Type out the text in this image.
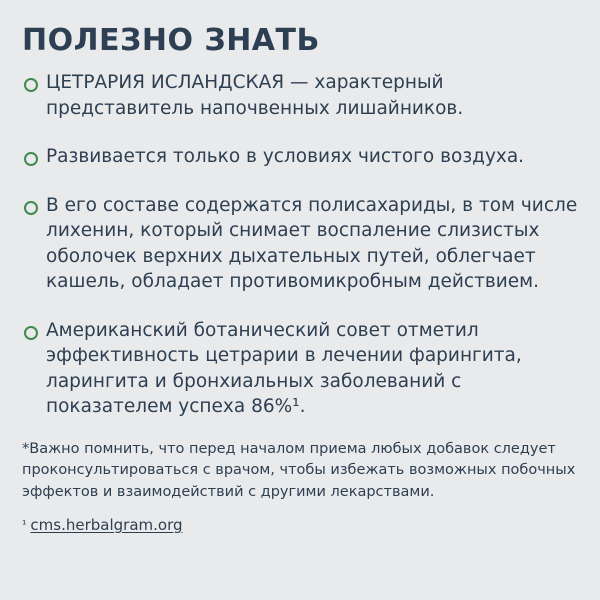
ПОЛЕЗНО ЗНАТЬ
ЦЕТРАРИЯ ИСЛАНДСКАЯ — характерный представитель напочвенных лишайников.
Развивается только в условиях чистого воздуха.
В его составе содержатся полисахариды, в том числе лихенин, который снимает воспаление слизистых оболочек верхних дыхательных путей, облегчает кашель, обладает противомикробным действием.
Американский ботанический совет отметил эффективность цетрарии в лечении фарингита, ларингита и бронхиальных заболеваний с показателем успеха 86%¹.

*Важно помнить, что перед началом приема любых добавок следует проконсультироваться с врачом, чтобы избежать возможных побочных эффектов и взаимодействий с другими лекарствами.

$^{^1}$ cms.herbalgram.org
